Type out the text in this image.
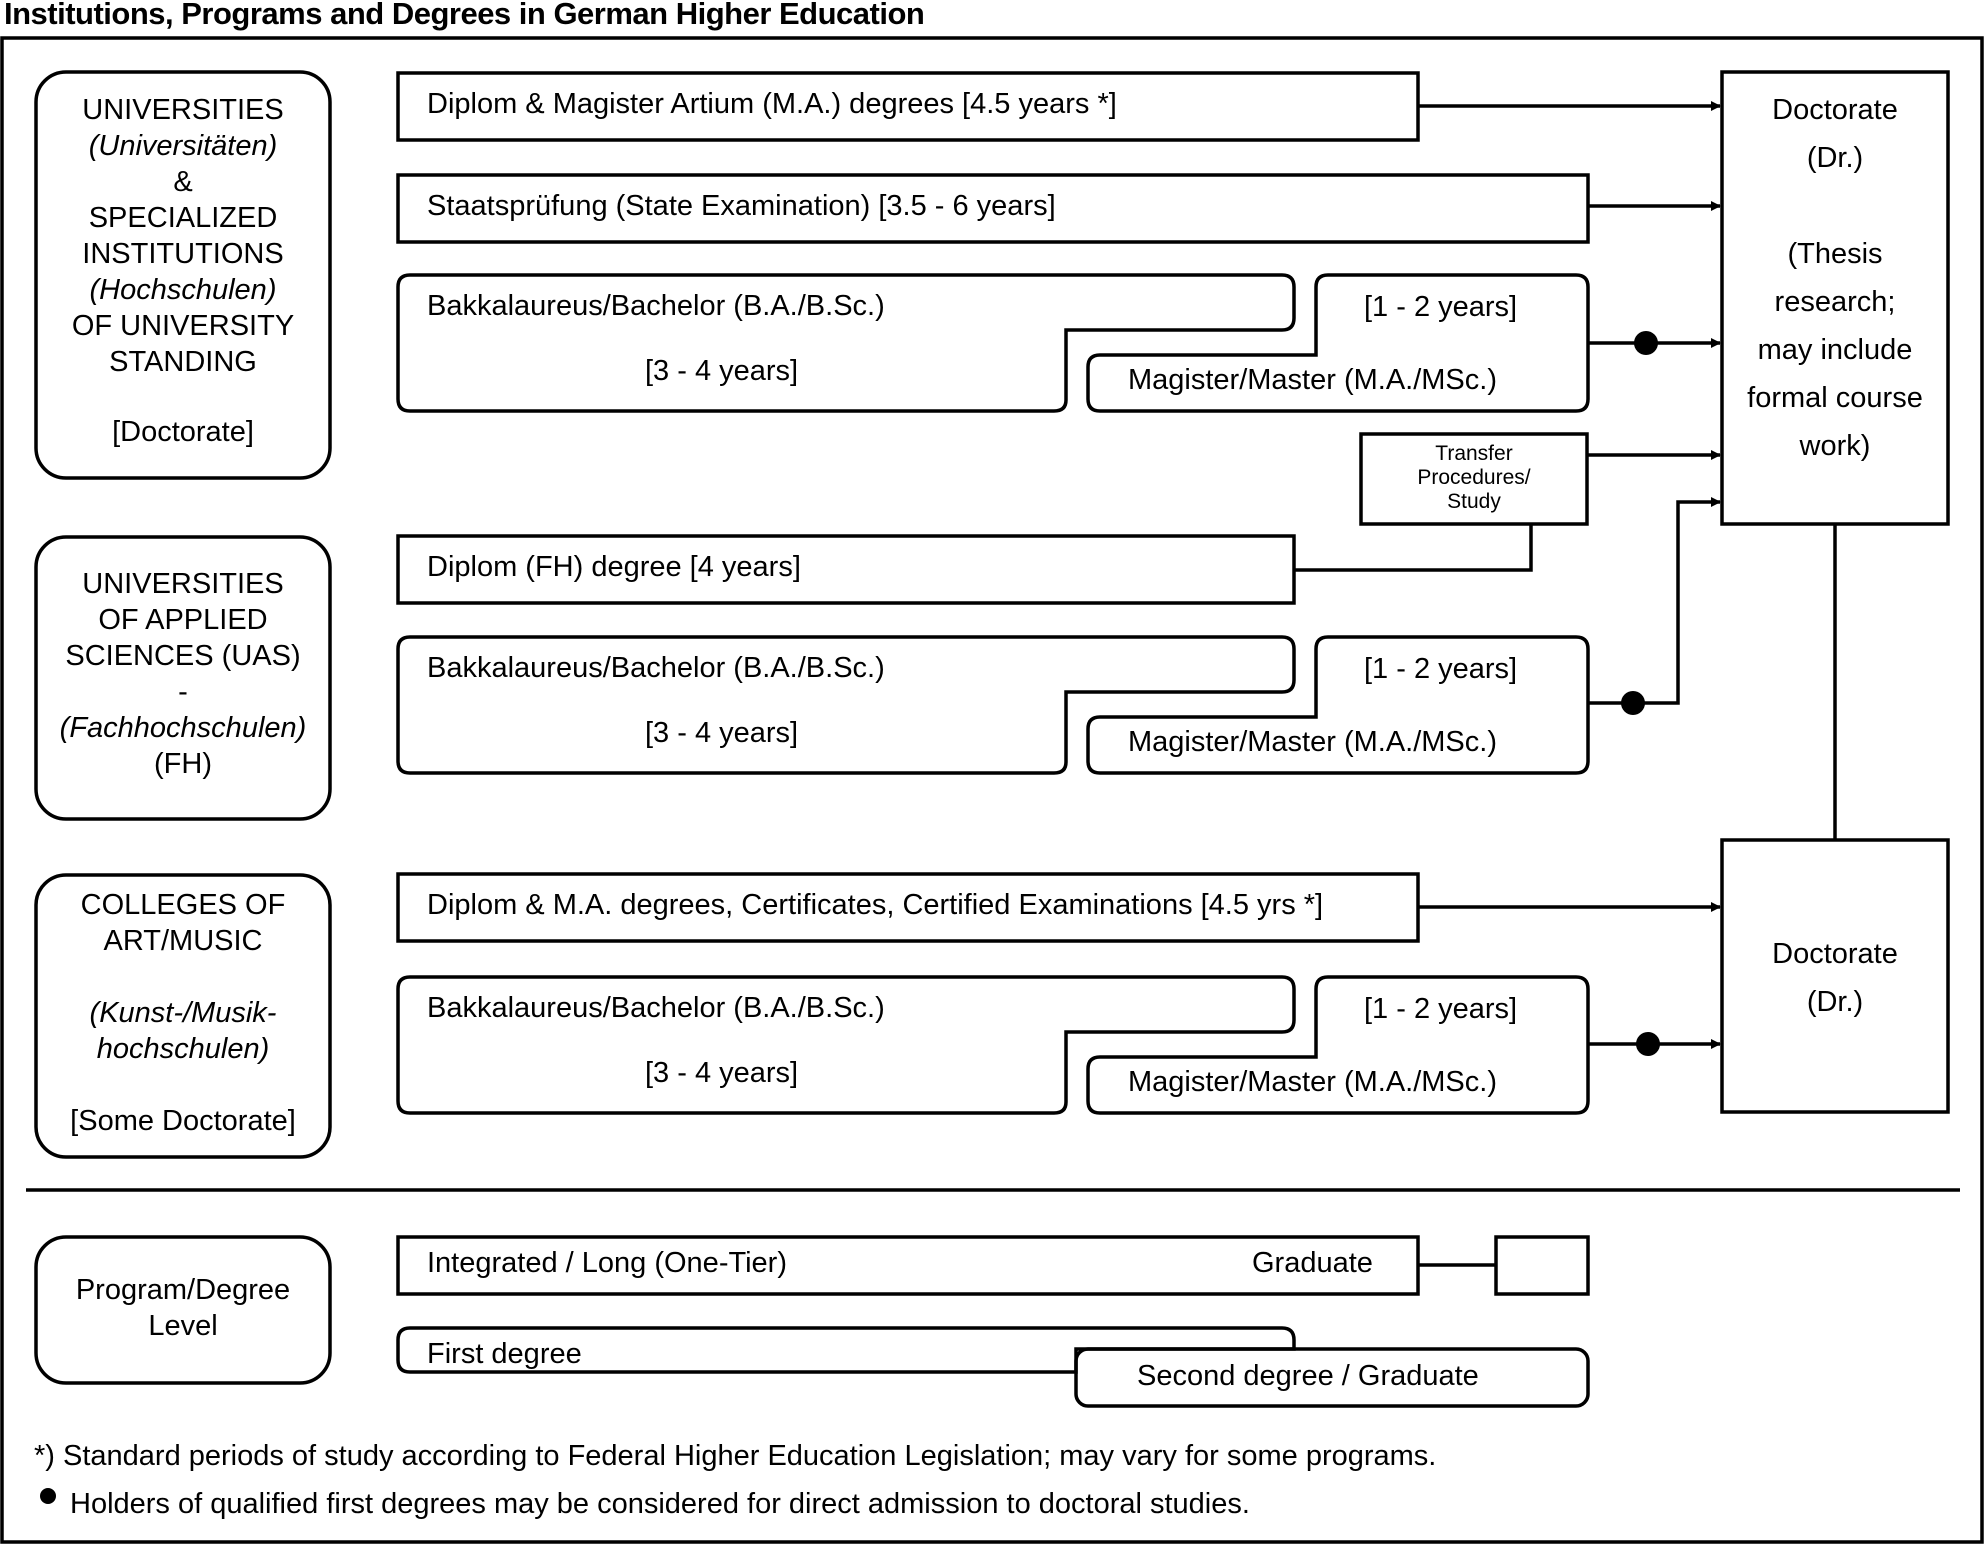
Institutions, Programs and Degrees in German Higher Education
UNIVERSITIES
(Universitäten)
&
SPECIALIZED
INSTITUTIONS
(Hochschulen)
OF UNIVERSITY
STANDING
[Doctorate]
UNIVERSITIES
OF APPLIED
SCIENCES (UAS)
-
(Fachhochschulen)
(FH)
COLLEGES OF
ART/MUSIC
(Kunst-/Musik-
hochschulen)
[Some Doctorate]
Program/Degree
Level
Diplom & Magister Artium (M.A.) degrees [4.5 years *]
Staatsprüfung (State Examination) [3.5 - 6 years]
Bakkalaureus/Bachelor (B.A./B.Sc.)
[3 - 4 years]
[1 - 2 years]
Magister/Master (M.A./MSc.)
Transfer
Procedures/
Study
Diplom (FH) degree [4 years]
Bakkalaureus/Bachelor (B.A./B.Sc.)
[3 - 4 years]
[1 - 2 years]
Magister/Master (M.A./MSc.)
Diplom & M.A. degrees, Certificates, Certified Examinations [4.5 yrs *]
Bakkalaureus/Bachelor (B.A./B.Sc.)
[3 - 4 years]
[1 - 2 years]
Magister/Master (M.A./MSc.)
Doctorate
(Dr.)
(Thesis
research;
may include
formal course
work)
Doctorate
(Dr.)
Integrated / Long (One-Tier)	Graduate
First degree
Second degree / Graduate
*) Standard periods of study according to Federal Higher Education Legislation; may vary for some programs.
Holders of qualified first degrees may be considered for direct admission to doctoral studies.
